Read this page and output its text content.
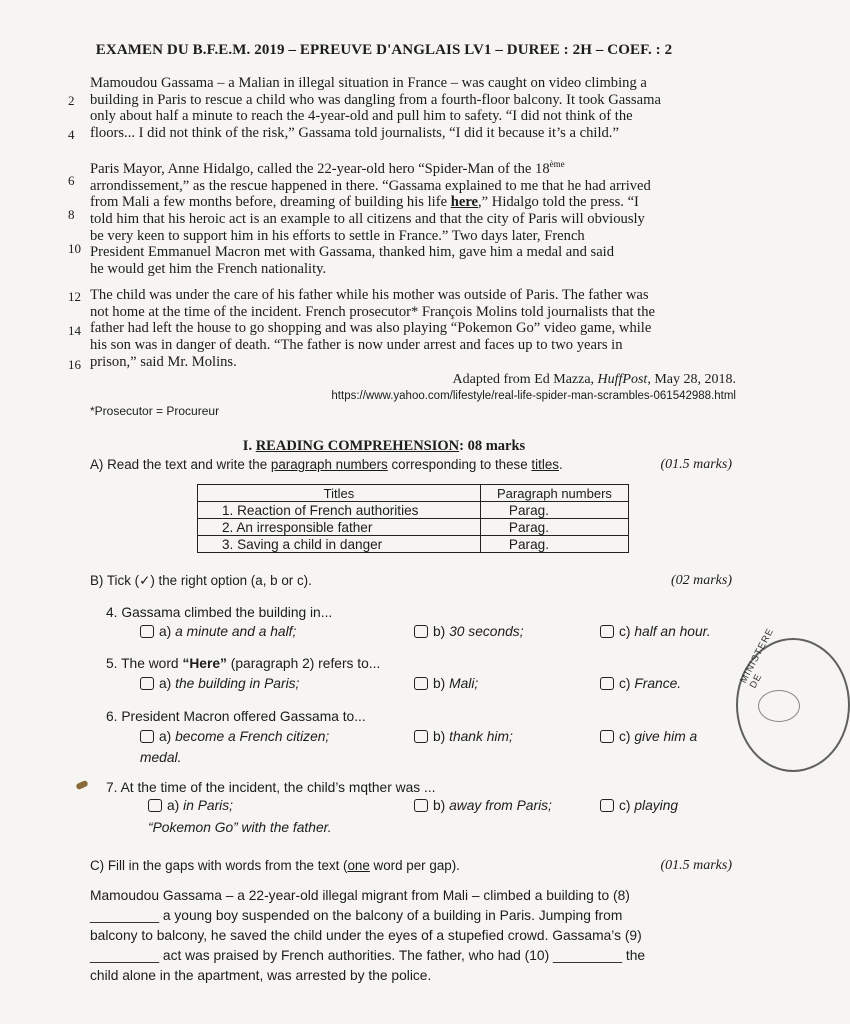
EXAMEN DU B.F.E.M. 2019 – EPREUVE D'ANGLAIS LV1 – DUREE : 2H – COEF. : 2

Mamoudou Gassama – a Malian in illegal situation in France – was caught on video climbing a

building in Paris to rescue a child who was dangling from a fourth-floor balcony. It took Gassama

only about half a minute to reach the 4-year-old and pull him to safety. “I did not think of the

floors... I did not think of the risk,” Gassama told journalists, “I did it because it’s a child.”

Paris Mayor, Anne Hidalgo, called the 22-year-old hero “Spider-Man of the 18ème

arrondissement,” as the rescue happened in there. “Gassama explained to me that he had arrived

from Mali a few months before, dreaming of building his life here,” Hidalgo told the press. “I

told him that his heroic act is an example to all citizens and that the city of Paris will obviously

be very keen to support him in his efforts to settle in France.” Two days later, French

President Emmanuel Macron met with Gassama, thanked him, gave him a medal and said

he would get him the French nationality.

The child was under the care of his father while his mother was outside of Paris. The father was

not home at the time of the incident. French prosecutor* François Molins told journalists that the

father had left the house to go shopping and was also playing “Pokemon Go” video game, while

his son was in danger of death. “The father is now under arrest and faces up to two years in

prison,” said Mr. Molins.

2
4
6
8
10
12
14
16
Adapted from Ed Mazza, HuffPost, May 28, 2018.
https://www.yahoo.com/lifestyle/real-life-spider-man-scrambles-061542988.html
*Prosecutor = Procureur
I. READING COMPREHENSION: 08 marks
A) Read the text and write the paragraph numbers corresponding to these titles.	(01.5 marks)
Titles	Paragraph numbers
1. Reaction of French authorities	Parag.
2. An irresponsible father	Parag.
3. Saving a child in danger	Parag.
B) Tick (✓) the right option (a, b or c).	(02 marks)
4. Gassama climbed the building in...
a) a minute and a half;	b) 30 seconds;	c) half an hour.
5. The word “Here” (paragraph 2) refers to...
a) the building in Paris;	b) Mali;	c) France.
6. President Macron offered Gassama to...
a) become a French citizen;
medal.
b) thank him;	c) give him a
7. At the time of the incident, the child’s mqther was ...
a) in Paris;
“Pokemon Go” with the father.
b) away from Paris;	c) playing
C) Fill in the gaps with words from the text (one word per gap).	(01.5 marks)
Mamoudou Gassama – a 22-year-old illegal migrant from Mali – climbed a building to (8)
_________ a young boy suspended on the balcony of a building in Paris. Jumping from
balcony to balcony, he saved the child under the eyes of a stupefied crowd. Gassama’s (9)
_________ act was praised by French authorities. The father, who had (10) _________ the
child alone in the apartment, was arrested by the police.
MINISTERE DE
